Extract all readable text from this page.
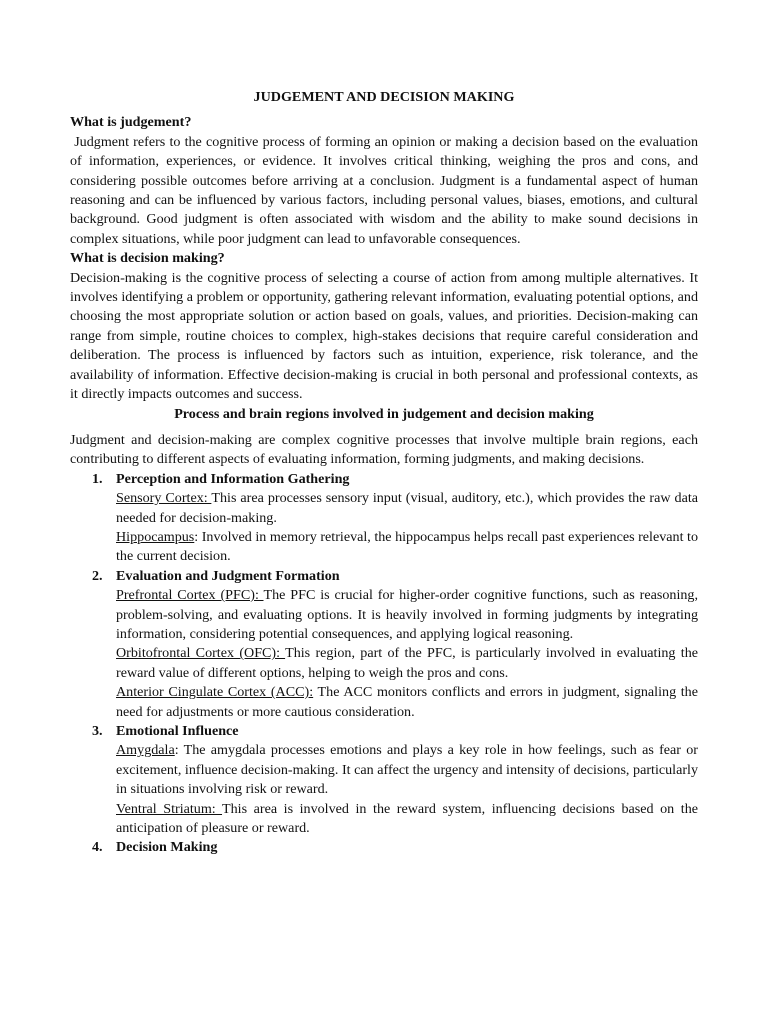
JUDGEMENT AND DECISION MAKING
What is judgement?

Judgment refers to the cognitive process of forming an opinion or making a decision based on the evaluation of information, experiences, or evidence. It involves critical thinking, weighing the pros and cons, and considering possible outcomes before arriving at a conclusion. Judgment is a fundamental aspect of human reasoning and can be influenced by various factors, including personal values, biases, emotions, and cultural background. Good judgment is often associated with wisdom and the ability to make sound decisions in complex situations, while poor judgment can lead to unfavorable consequences.

What is decision making?

Decision-making is the cognitive process of selecting a course of action from among multiple alternatives. It involves identifying a problem or opportunity, gathering relevant information, evaluating potential options, and choosing the most appropriate solution or action based on goals, values, and priorities. Decision-making can range from simple, routine choices to complex, high-stakes decisions that require careful consideration and deliberation. The process is influenced by factors such as intuition, experience, risk tolerance, and the availability of information. Effective decision-making is crucial in both personal and professional contexts, as it directly impacts outcomes and success.

Process and brain regions involved in judgement and decision making

Judgment and decision-making are complex cognitive processes that involve multiple brain regions, each contributing to different aspects of evaluating information, forming judgments, and making decisions.

1. Perception and Information Gathering

Sensory Cortex: This area processes sensory input (visual, auditory, etc.), which provides the raw data needed for decision-making.

Hippocampus: Involved in memory retrieval, the hippocampus helps recall past experiences relevant to the current decision.

2. Evaluation and Judgment Formation

Prefrontal Cortex (PFC): The PFC is crucial for higher-order cognitive functions, such as reasoning, problem-solving, and evaluating options. It is heavily involved in forming judgments by integrating information, considering potential consequences, and applying logical reasoning.

Orbitofrontal Cortex (OFC): This region, part of the PFC, is particularly involved in evaluating the reward value of different options, helping to weigh the pros and cons.

Anterior Cingulate Cortex (ACC): The ACC monitors conflicts and errors in judgment, signaling the need for adjustments or more cautious consideration.

3. Emotional Influence

Amygdala: The amygdala processes emotions and plays a key role in how feelings, such as fear or excitement, influence decision-making. It can affect the urgency and intensity of decisions, particularly in situations involving risk or reward.

Ventral Striatum: This area is involved in the reward system, influencing decisions based on the anticipation of pleasure or reward.

4. Decision Making
